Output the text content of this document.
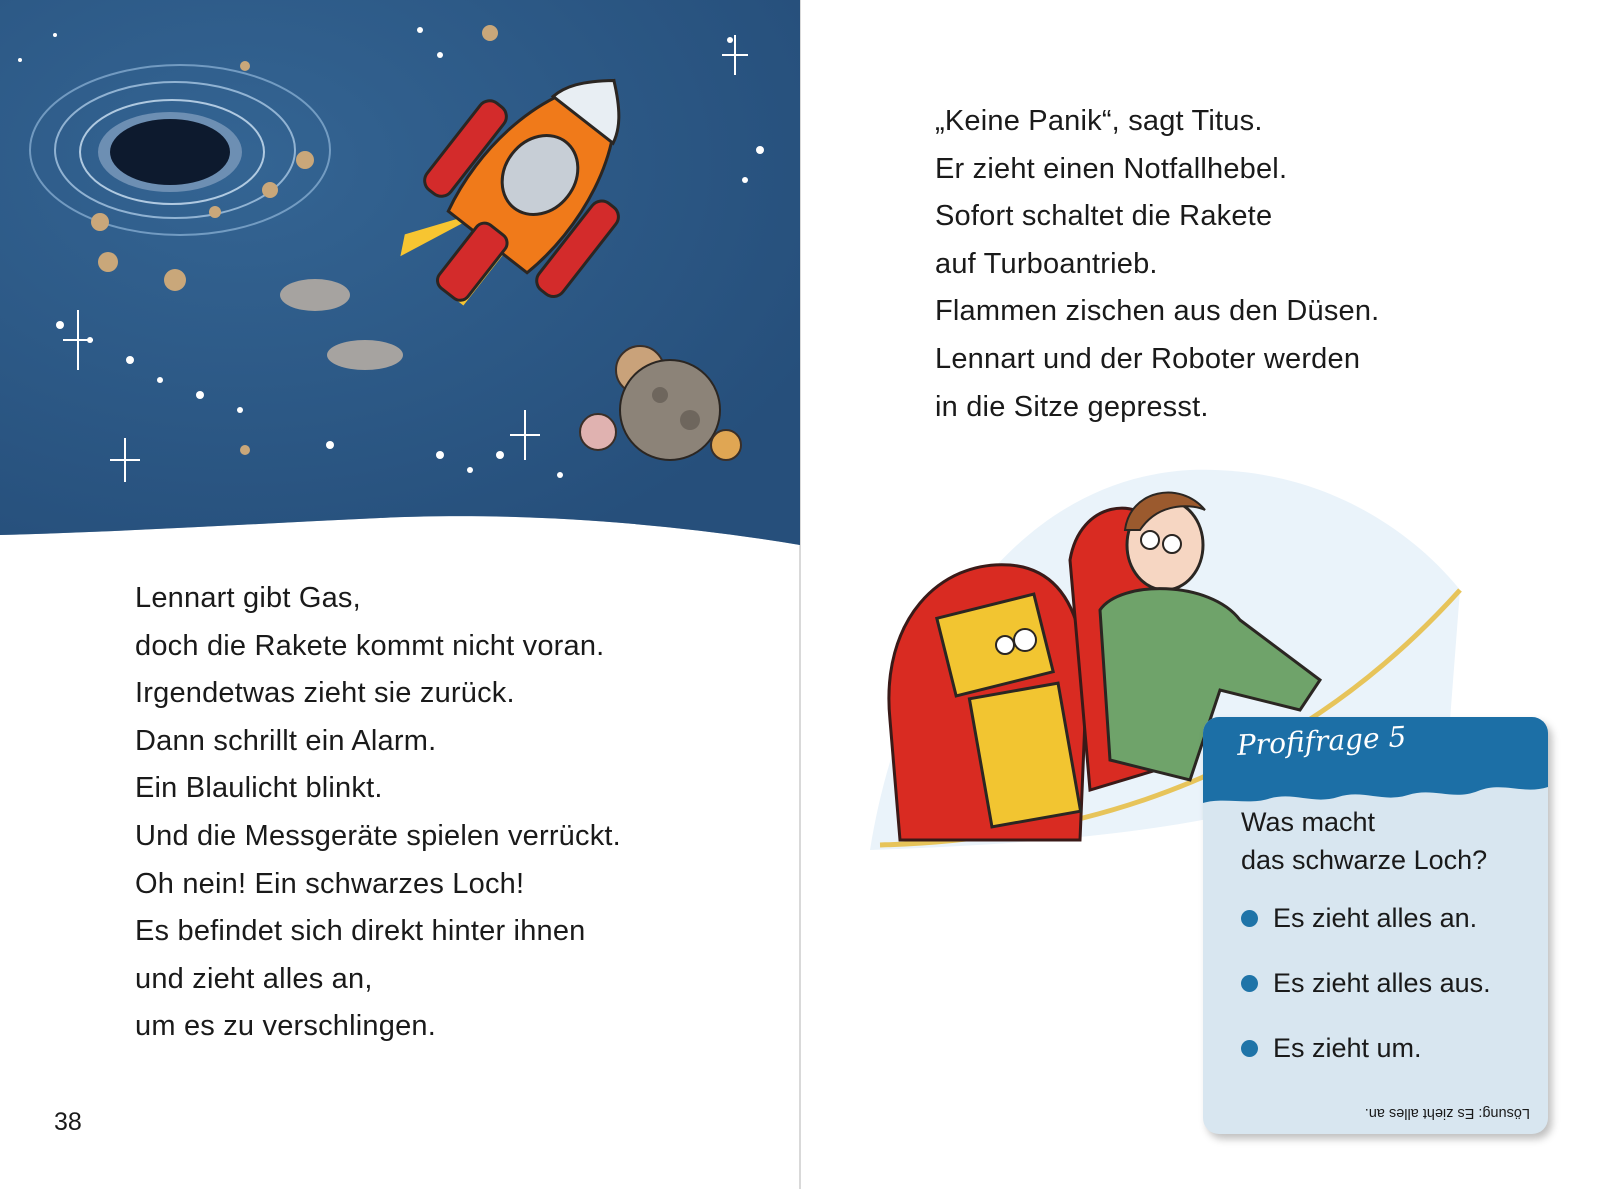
Lennart gibt Gas,
doch die Rakete kommt nicht voran.
Irgendetwas zieht sie zurück.
Dann schrillt ein Alarm.
Ein Blaulicht blinkt.
Und die Messgeräte spielen verrückt.
Oh nein! Ein schwarzes Loch!
Es befindet sich direkt hinter ihnen
und zieht alles an,
um es zu verschlingen.
38
„Keine Panik“, sagt Titus.
Er zieht einen Notfallhebel.
Sofort schaltet die Rakete
auf Turboantrieb.
Flammen zischen aus den Düsen.
Lennart und der Roboter werden
in die Sitze gepresst.
Profifrage 5
Was macht
das schwarze Loch?
Es zieht alles an.
Es zieht alles aus.
Es zieht um.
Lösung: Es zieht alles an.
